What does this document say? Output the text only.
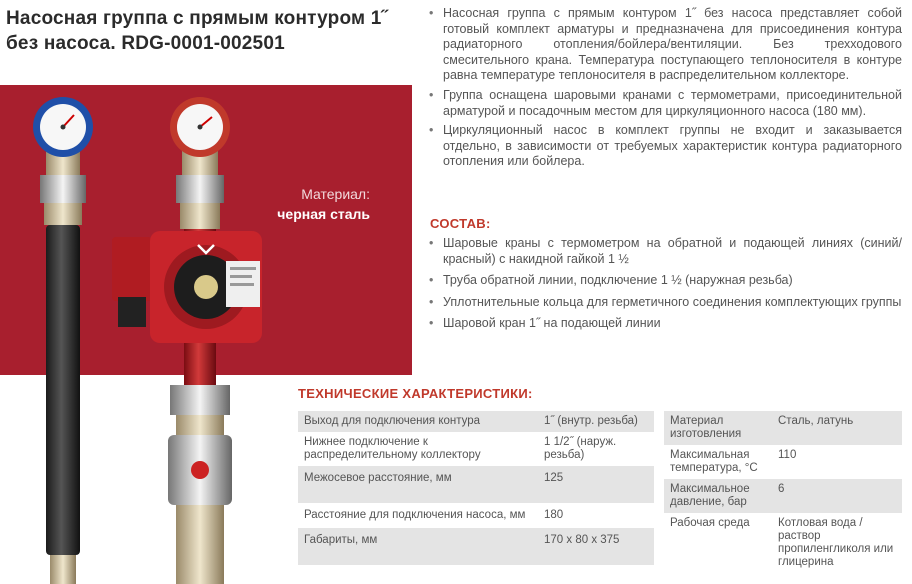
Насосная группа с прямым контуром 1˝
без насоса. RDG-0001-002501
Материал:
черная сталь
• Насосная группа с прямым контуром 1˝ без насоса представляет собой готовый комплект арматуры и предназначена для присоединения контура радиаторного отопления/бойлера/вентиляции. Без трехходового смесительного крана. Температура поступающего теплоносителя в контуре равна температуре теплоносителя в распределительном коллекторе.
• Группа оснащена шаровыми кранами с термометрами, присоединительной арматурой и посадочным местом для циркуляционного насоса (180 мм).
• Циркуляционный насос в комплект группы не входит и заказывается отдельно, в зависимости от требуемых характеристик контура радиаторного отопления или бойлера.
СОСТАВ:
• Шаровые краны с термометром на обратной и подающей линиях (синий/красный) с накидной гайкой 1 ½
• Труба обратной линии, подключение 1 ½ (наружная резьба)
• Уплотнительные кольца для герметичного соединения комплектующих группы
• Шаровой кран 1˝ на подающей линии
ТЕХНИЧЕСКИЕ ХАРАКТЕРИСТИКИ:
Выход для подключения контура	1˝ (внутр. резьба)
Нижнее подключение к распределительному коллектору	1 1/2˝ (наруж. резьба)
Межосевое расстояние, мм	125
Расстояние для подключения насоса, мм	180
Габариты, мм	170 x 80 x 375
Материал изготовления	Сталь, латунь
Максимальная температура, °С	110
Максимальное давление, бар	6
Рабочая среда	Котловая вода / раствор пропиленгликоля или глицерина
